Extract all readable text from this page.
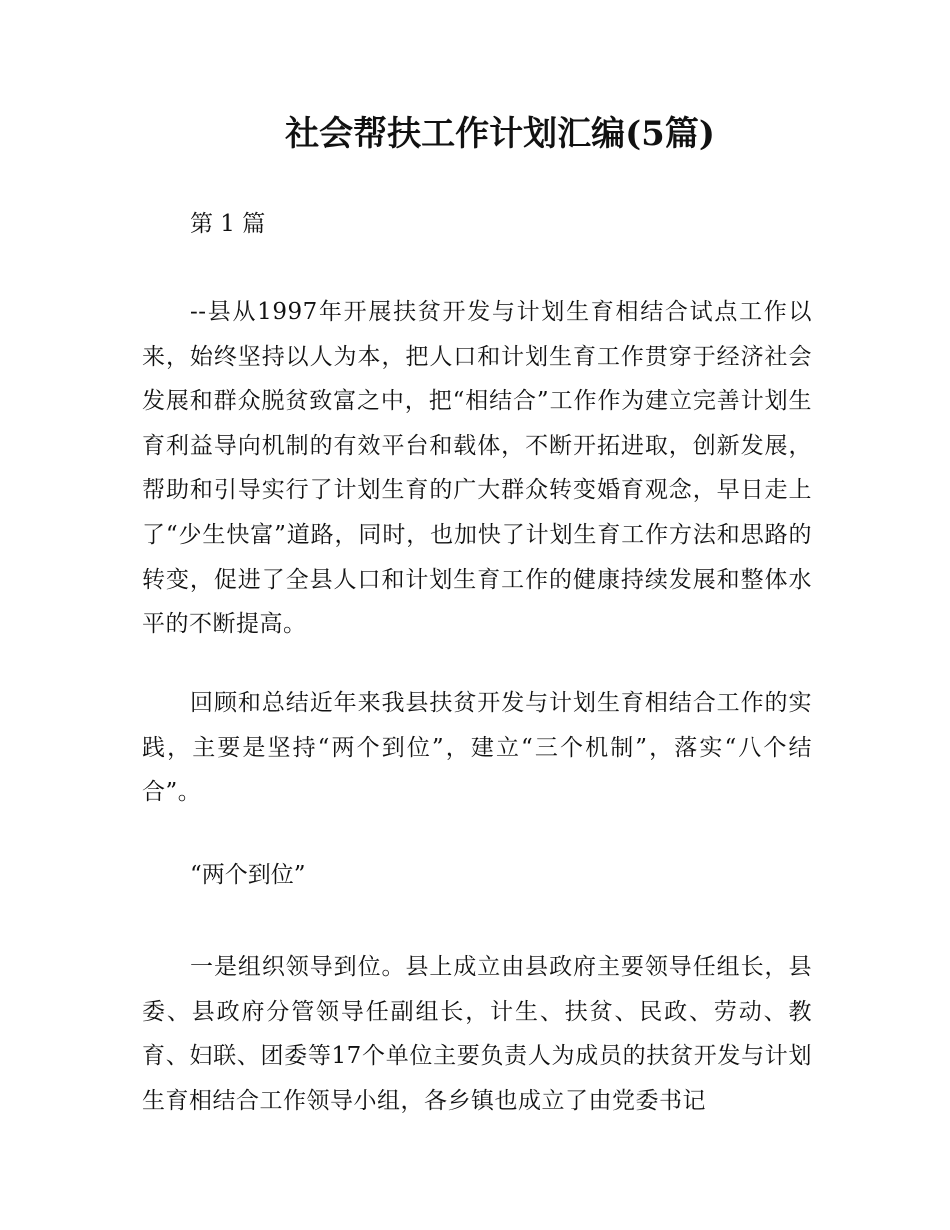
社会帮扶工作计划汇编(5篇)
第 1 篇

--县从1997年开展扶贫开发与计划生育相结合试点工作以来，始终坚持以人为本，把人口和计划生育工作贯穿于经济社会发展和群众脱贫致富之中，把“相结合”工作作为建立完善计划生育利益导向机制的有效平台和载体，不断开拓进取，创新发展，帮助和引导实行了计划生育的广大群众转变婚育观念，早日走上了“少生快富”道路，同时，也加快了计划生育工作方法和思路的转变，促进了全县人口和计划生育工作的健康持续发展和整体水平的不断提高。

回顾和总结近年来我县扶贫开发与计划生育相结合工作的实践，主要是坚持“两个到位”，建立“三个机制”，落实“八个结合”。

“两个到位”

一是组织领导到位。县上成立由县政府主要领导任组长，县委、县政府分管领导任副组长，计生、扶贫、民政、劳动、教育、妇联、团委等17个单位主要负责人为成员的扶贫开发与计划生育相结合工作领导小组，各乡镇也成立了由党委书记
